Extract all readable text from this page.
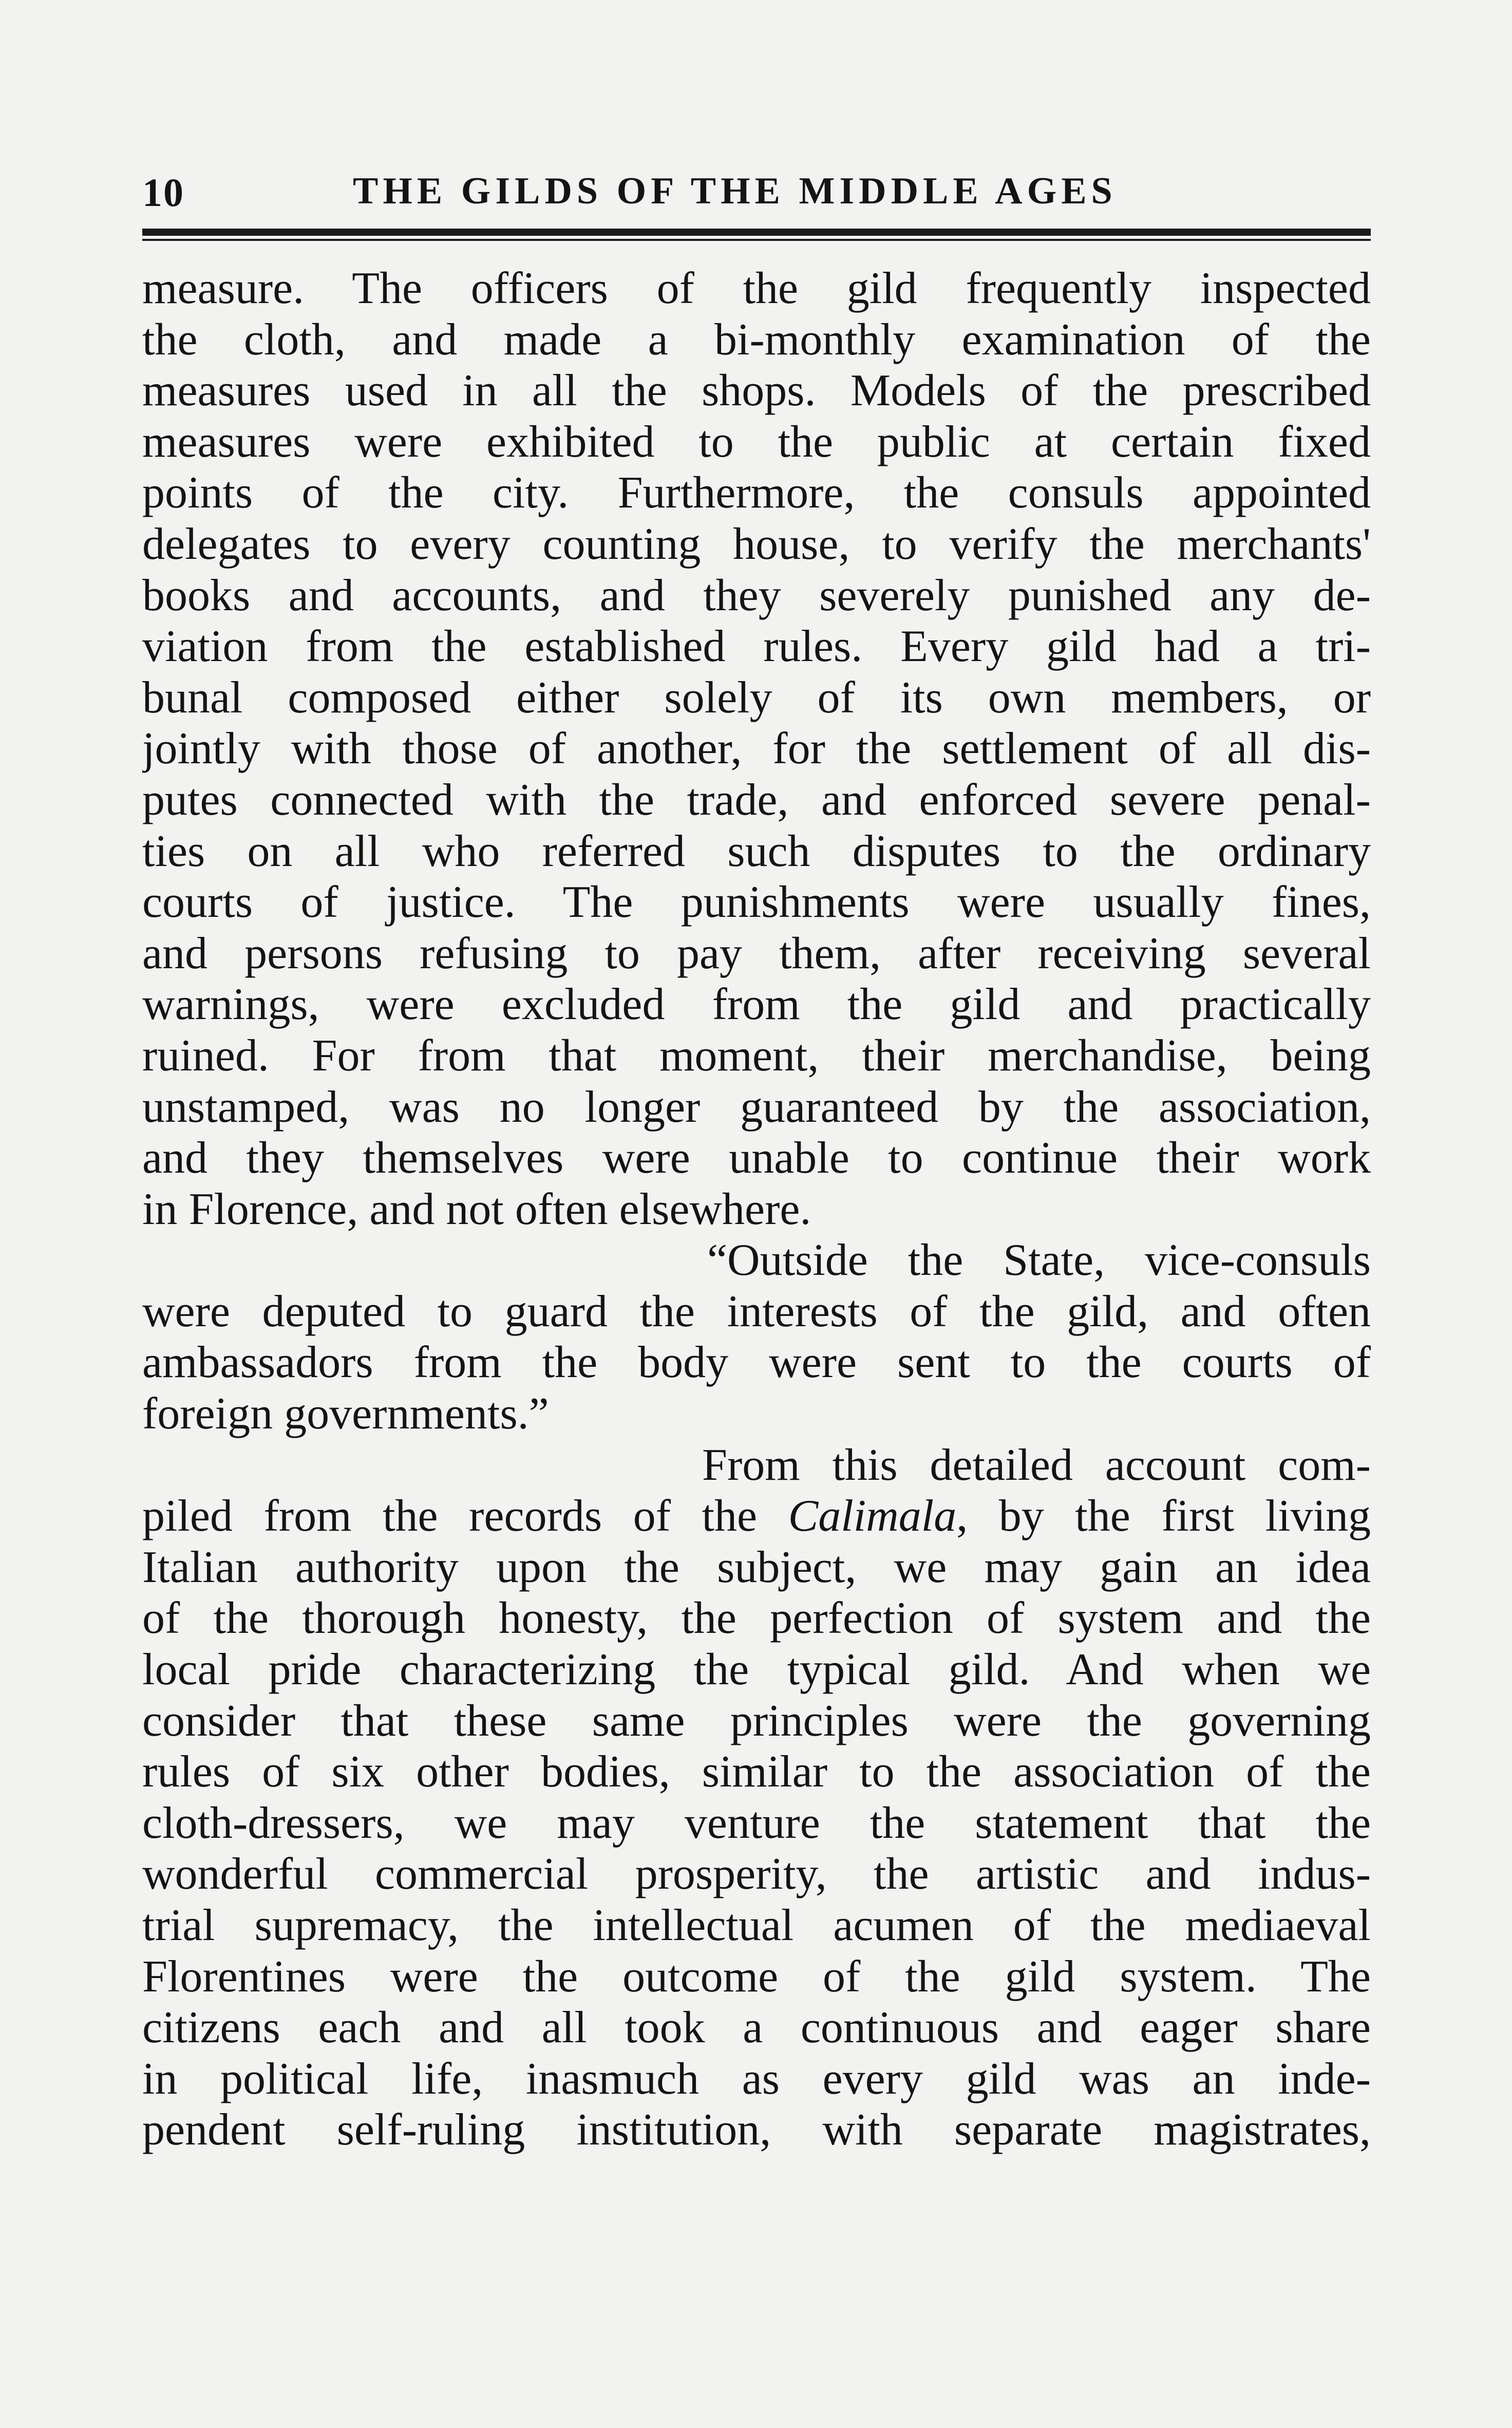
10	THE GILDS OF THE MIDDLE AGES
measure. The officers of the gild frequently inspected
the cloth, and made a bi-monthly examination of the
measures used in all the shops. Models of the prescribed
measures were exhibited to the public at certain fixed
points of the city. Furthermore, the consuls appointed
delegates to every counting house, to verify the merchants'
books and accounts, and they severely punished any de-
viation from the established rules. Every gild had a tri-
bunal composed either solely of its own members, or
jointly with those of another, for the settlement of all dis-
putes connected with the trade, and enforced severe penal-
ties on all who referred such disputes to the ordinary
courts of justice. The punishments were usually fines,
and persons refusing to pay them, after receiving several
warnings, were excluded from the gild and practically
ruined. For from that moment, their merchandise, being
unstamped, was no longer guaranteed by the association,
and they themselves were unable to continue their work
in Florence, and not often elsewhere.
“Outside the State, vice-consuls
were deputed to guard the interests of the gild, and often
ambassadors from the body were sent to the courts of
foreign governments.”
From this detailed account com-
piled from the records of the Calimala, by the first living
Italian authority upon the subject, we may gain an idea
of the thorough honesty, the perfection of system and the
local pride characterizing the typical gild. And when we
consider that these same principles were the governing
rules of six other bodies, similar to the association of the
cloth-dressers, we may venture the statement that the
wonderful commercial prosperity, the artistic and indus-
trial supremacy, the intellectual acumen of the mediaeval
Florentines were the outcome of the gild system. The
citizens each and all took a continuous and eager share
in political life, inasmuch as every gild was an inde-
pendent self-ruling institution, with separate magistrates,
